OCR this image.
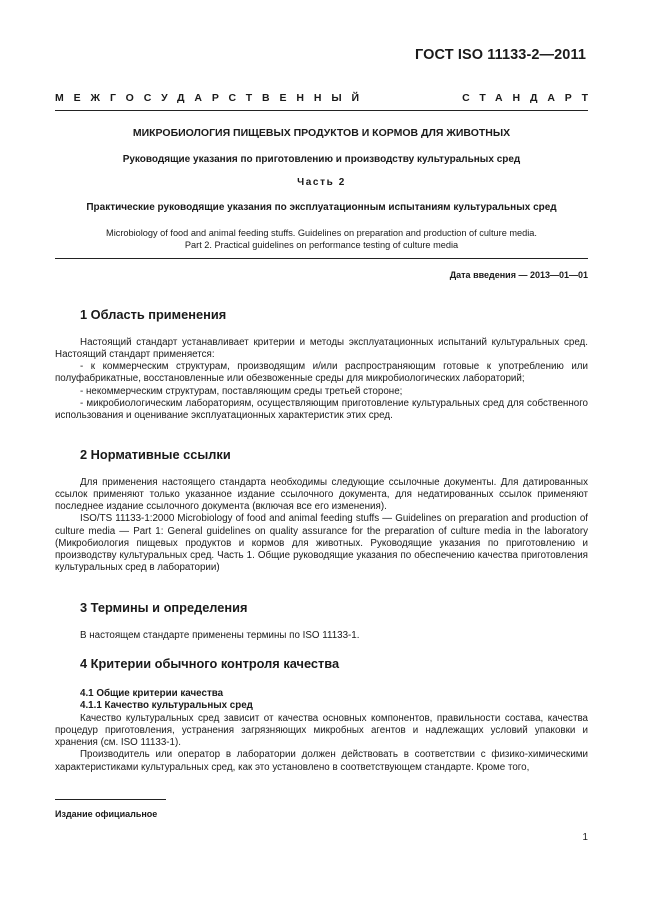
ГОСТ ISO 11133-2—2011
МЕЖГОСУДАРСТВЕННЫЙ	СТАНДАРТ
МИКРОБИОЛОГИЯ ПИЩЕВЫХ ПРОДУКТОВ И КОРМОВ ДЛЯ ЖИВОТНЫХ
Руководящие указания по приготовлению и производству культуральных сред
Часть 2
Практические руководящие указания по эксплуатационным испытаниям культуральных сред
Microbiology of food and animal feeding stuffs. Guidelines on preparation and production of culture media.
Part 2. Practical guidelines on performance testing of culture media
Дата введения — 2013—01—01
1 Область применения

Настоящий стандарт устанавливает критерии и методы эксплуатационных испытаний культуральных сред. Настоящий стандарт применяется:

- к коммерческим структурам, производящим и/или распространяющим готовые к употреблению или полуфабрикатные, восстановленные или обезвоженные среды для микробиологических лабораторий;

- некоммерческим структурам, поставляющим среды третьей стороне;

- микробиологическим лабораториям, осуществляющим приготовление культуральных сред для собственного использования и оценивание эксплуатационных характеристик этих сред.

2 Нормативные ссылки

Для применения настоящего стандарта необходимы следующие ссылочные документы. Для датированных ссылок применяют только указанное издание ссылочного документа, для недатированных ссылок применяют последнее издание ссылочного документа (включая все его изменения).

ISO/TS 11133-1:2000 Microbiology of food and animal feeding stuffs — Guidelines on preparation and production of culture media — Part 1: General guidelines on quality assurance for the preparation of culture media in the laboratory (Микробиология пищевых продуктов и кормов для животных. Руководящие указания по приготовлению и производству культуральных сред. Часть 1. Общие руководящие указания по обеспечению качества приготовления культуральных сред в лаборатории)

3 Термины и определения

В настоящем стандарте применены термины по ISO 11133-1.

4 Критерии обычного контроля качества
4.1 Общие критерии качества
4.1.1 Качество культуральных сред

Качество культуральных сред зависит от качества основных компонентов, правильности состава, качества процедур приготовления, устранения загрязняющих микробных агентов и надлежащих условий упаковки и хранения (см. ISO 11133-1).

Производитель или оператор в лаборатории должен действовать в соответствии с физико-химическими характеристиками культуральных сред, как это установлено в соответствующем стандарте. Кроме того,

Издание официальное
1
